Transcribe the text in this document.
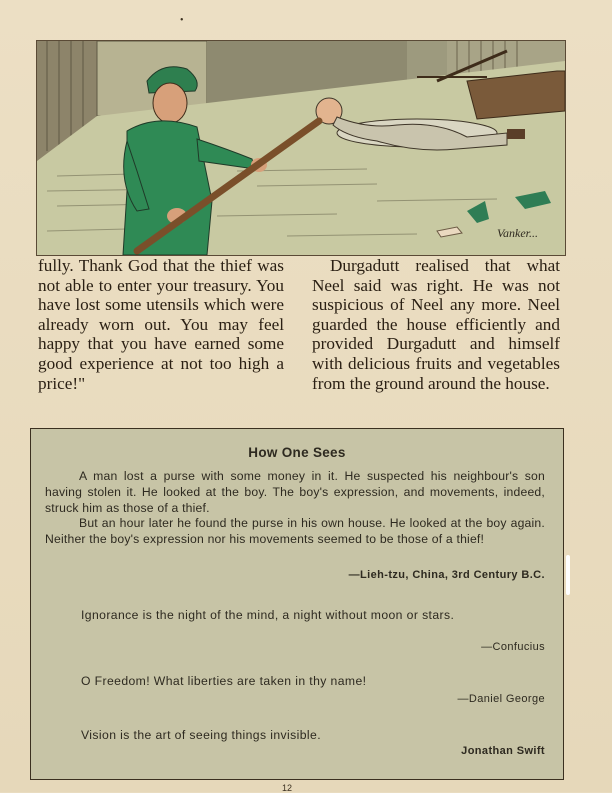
•
Vanker...

fully. Thank God that the thief was not able to enter your treasury. You have lost some utensils which were already worn out. You may feel happy that you have earned some good experience at not too high a price!"

Durgadutt realised that what Neel said was right. He was not suspicious of Neel any more. Neel guarded the house efficiently and provided Durgadutt and himself with delicious fruits and vegetables from the ground around the house.

How One Sees

A man lost a purse with some money in it. He suspected his neighbour's son having stolen it. He looked at the boy. The boy's expression, and movements, indeed, struck him as those of a thief.

But an hour later he found the purse in his own house. He looked at the boy again. Neither the boy's expression nor his movements seemed to be those of a thief!

—Lieh-tzu, China, 3rd Century B.C.
Ignorance is the night of the mind, a night without moon or stars.
—Confucius
O Freedom! What liberties are taken in thy name!
—Daniel George
Vision is the art of seeing things invisible.
Jonathan Swift
12
